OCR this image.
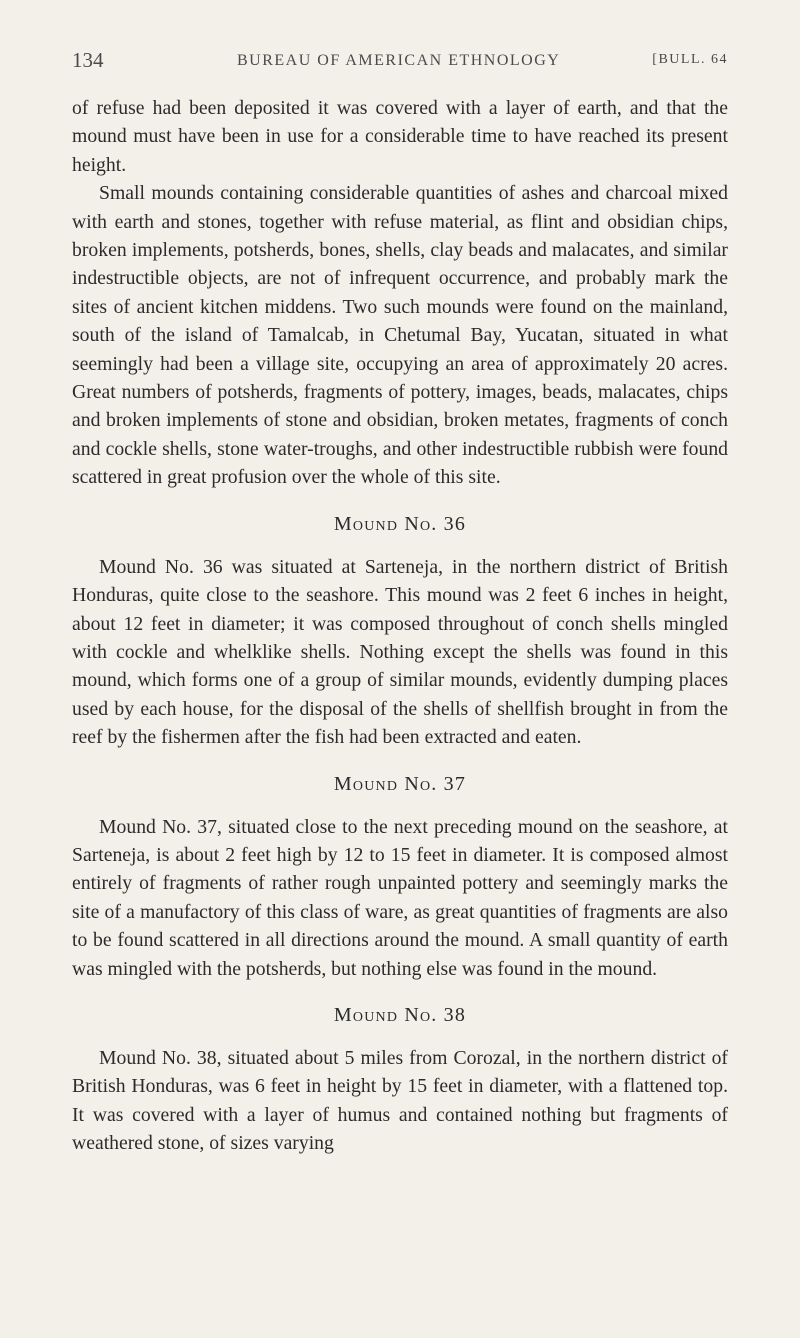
134	BUREAU OF AMERICAN ETHNOLOGY	[BULL. 64

of refuse had been deposited it was covered with a layer of earth, and that the mound must have been in use for a considerable time to have reached its present height.

Small mounds containing considerable quantities of ashes and charcoal mixed with earth and stones, together with refuse material, as flint and obsidian chips, broken implements, potsherds, bones, shells, clay beads and malacates, and similar indestructible objects, are not of infrequent occurrence, and probably mark the sites of ancient kitchen middens. Two such mounds were found on the mainland, south of the island of Tamalcab, in Chetumal Bay, Yucatan, situated in what seemingly had been a village site, occupying an area of approximately 20 acres. Great numbers of potsherds, fragments of pottery, images, beads, malacates, chips and broken implements of stone and obsidian, broken metates, fragments of conch and cockle shells, stone water-troughs, and other indestructible rubbish were found scattered in great profusion over the whole of this site.

Mound No. 36

Mound No. 36 was situated at Sarteneja, in the northern district of British Honduras, quite close to the seashore. This mound was 2 feet 6 inches in height, about 12 feet in diameter; it was composed throughout of conch shells mingled with cockle and whelklike shells. Nothing except the shells was found in this mound, which forms one of a group of similar mounds, evidently dumping places used by each house, for the disposal of the shells of shellfish brought in from the reef by the fishermen after the fish had been extracted and eaten.

Mound No. 37

Mound No. 37, situated close to the next preceding mound on the seashore, at Sarteneja, is about 2 feet high by 12 to 15 feet in diameter. It is composed almost entirely of fragments of rather rough unpainted pottery and seemingly marks the site of a manufactory of this class of ware, as great quantities of fragments are also to be found scattered in all directions around the mound. A small quantity of earth was mingled with the potsherds, but nothing else was found in the mound.

Mound No. 38

Mound No. 38, situated about 5 miles from Corozal, in the northern district of British Honduras, was 6 feet in height by 15 feet in diameter, with a flattened top. It was covered with a layer of humus and contained nothing but fragments of weathered stone, of sizes varying
